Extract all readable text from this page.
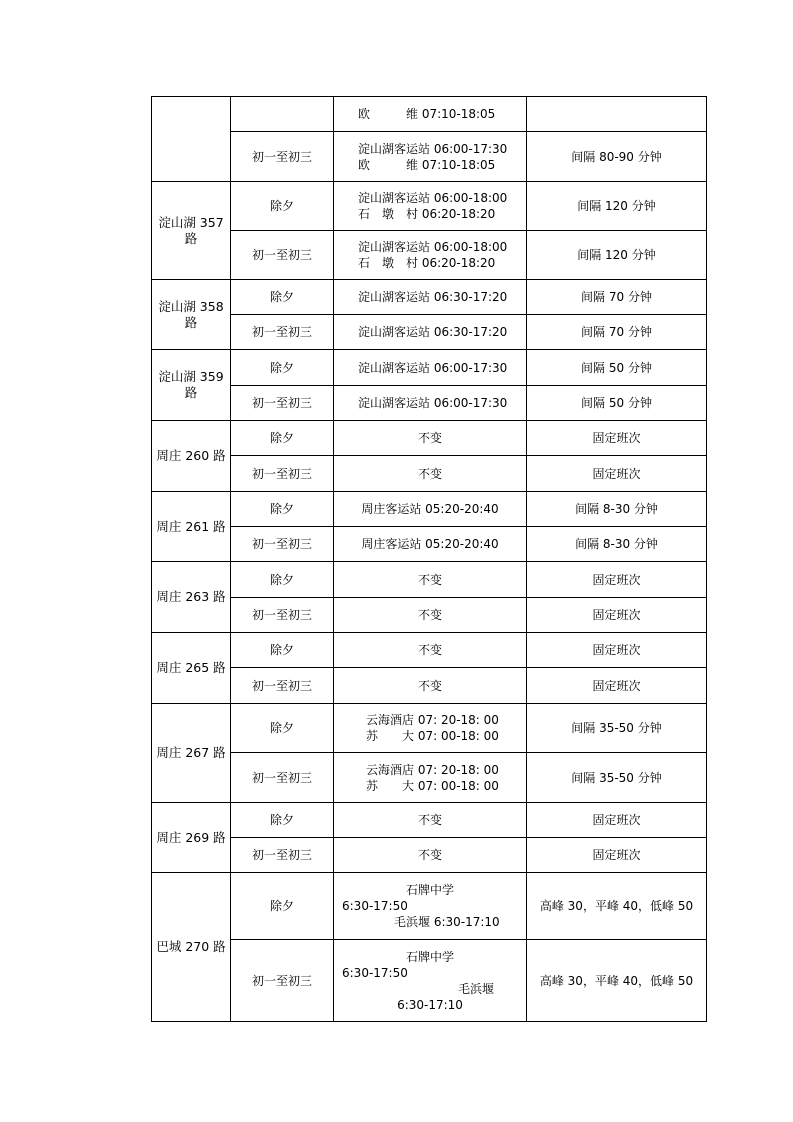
		欧　　　维 07:10-18:05	

	初一至初三	淀山湖客运站 06:00-17:30
欧　　　维 07:10-18:05	间隔 80-90 分钟
淀山湖 357路	除夕	淀山湖客运站 06:00-18:00
石　墩　村 06:20-18:20	间隔 120 分钟
	初一至初三	淀山湖客运站 06:00-18:00
石　墩　村 06:20-18:20	间隔 120 分钟
淀山湖 358路	除夕	淀山湖客运站 06:30-17:20	间隔 70 分钟
	初一至初三	淀山湖客运站 06:30-17:20	间隔 70 分钟
淀山湖 359路	除夕	淀山湖客运站 06:00-17:30	间隔 50 分钟
	初一至初三	淀山湖客运站 06:00-17:30	间隔 50 分钟
周庄 260 路	除夕	不变	固定班次
	初一至初三	不变	固定班次
周庄 261 路	除夕	周庄客运站 05:20-20:40	间隔 8-30 分钟
	初一至初三	周庄客运站 05:20-20:40	间隔 8-30 分钟
周庄 263 路	除夕	不变	固定班次
	初一至初三	不变	固定班次
周庄 265 路	除夕	不变	固定班次
	初一至初三	不变	固定班次
周庄 267 路	除夕	云海酒店 07: 20-18: 00
苏　　大 07: 00-18: 00	间隔 35-50 分钟
	初一至初三	云海酒店 07: 20-18: 00
苏　　大 07: 00-18: 00	间隔 35-50 分钟
周庄 269 路	除夕	不变	固定班次
	初一至初三	不变	固定班次
巴城 270 路	除夕	石牌中学
6:30-17:50
毛浜堰 6:30-17:10	高峰 30，平峰 40，低峰 50
	初一至初三	石牌中学
6:30-17:50
毛浜堰
6:30-17:10	高峰 30，平峰 40，低峰 50
